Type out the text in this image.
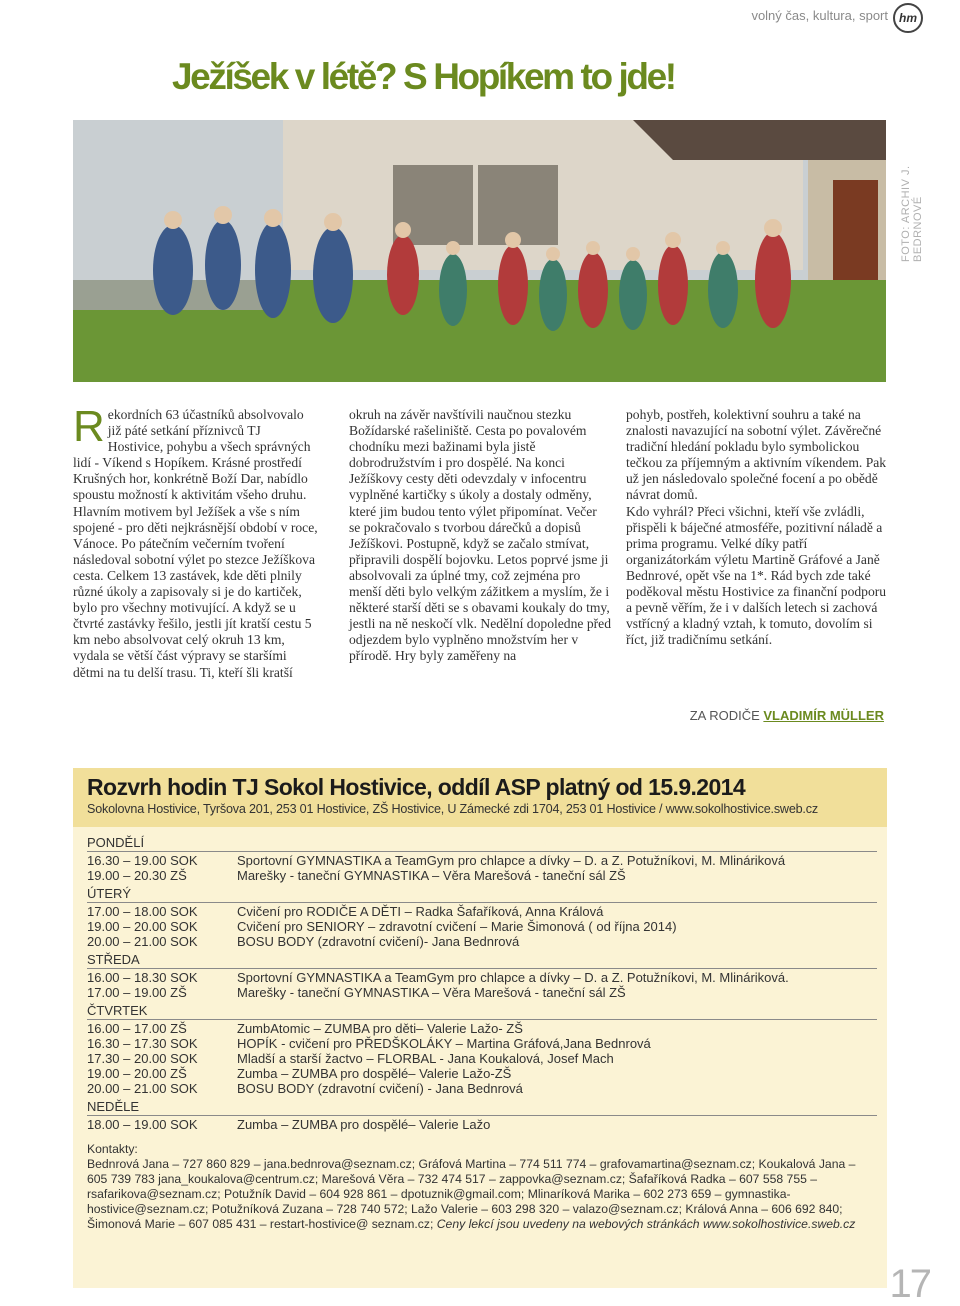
volný čas, kultura, sport hm
Ježíšek v létě? S Hopíkem to jde!
FOTO: ARCHIV J. BEDRNOVÉ
R ekordních 63 účastníků absolvovalo již páté setkání příznivců TJ Hostivice, pohybu a všech správných lidí - Víkend s Hopíkem. Krásné prostředí Krušných hor, konkrétně Boží Dar, nabídlo spoustu možností k aktivitám všeho druhu. Hlavním motivem byl Ježíšek a vše s ním spojené - pro děti nejkrásnější období v roce, Vánoce. Po pátečním večerním tvoření následoval sobotní výlet po stezce Ježíškova cesta. Celkem 13 zastávek, kde děti plnily různé úkoly a zapisovaly si je do kartiček, bylo pro všechny motivující. A když se u čtvrté zastávky řešilo, jestli jít kratší cestu 5 km nebo absolvovat celý okruh 13 km, vydala se větší část výpravy se staršími dětmi na tu delší trasu. Ti, kteří šli kratší

okruh na závěr navštívili naučnou stezku Božídarské rašeliniště. Cesta po povalovém chodníku mezi bažinami byla jistě dobrodružstvím i pro dospělé. Na konci Ježíškovy cesty děti odevzdaly v infocentru vyplněné kartičky s úkoly a dostaly odměny, které jim budou tento výlet připomínat. Večer se pokračovalo s tvorbou dárečků a dopisů Ježíškovi. Postupně, když se začalo stmívat, připravili dospělí bojovku. Letos poprvé jsme ji absolvovali za úplné tmy, což zejména pro menší děti bylo velkým zážitkem a myslím, že i některé starší děti se s obavami koukaly do tmy, jestli na ně neskočí vlk. Nedělní dopoledne před odjezdem bylo vyplněno množstvím her v přírodě. Hry byly zaměřeny na

pohyb, postřeh, kolektivní souhru a také na znalosti navazující na sobotní výlet. Závěrečné tradiční hledání pokladu bylo symbolickou tečkou za příjemným a aktivním víkendem. Pak už jen následovalo společné focení a po obědě návrat domů.

Kdo vyhrál? Přeci všichni, kteří vše zvládli, přispěli k báječné atmosféře, pozitivní náladě a prima programu. Velké díky patří organizátorkám výletu Martině Gráfové a Janě Bednrové, opět vše na 1*. Rád bych zde také poděkoval městu Hostivice za finanční podporu a pevně věřím, že i v dalších letech si zachová vstřícný a kladný vztah, k tomuto, dovolím si říct, již tradičnímu setkání.

ZA RODIČE VLADIMÍR MÜLLER
Rozvrh hodin TJ Sokol Hostivice, oddíl ASP platný od 15.9.2014
Sokolovna Hostivice, Tyršova 201, 253 01 Hostivice, ZŠ Hostivice, U Zámecké zdi 1704, 253 01 Hostivice / www.sokolhostivice.sweb.cz
PONDĚLÍ
16.30 – 19.00 SOK	Sportovní GYMNASTIKA a TeamGym pro chlapce a dívky – D. a Z. Potužníkovi, M. Mlináriková
19.00 – 20.30 ZŠ	Marešky - taneční GYMNASTIKA – Věra Marešová - taneční sál ZŠ
ÚTERÝ
17.00 – 18.00 SOK	Cvičení pro RODIČE A DĚTI – Radka Šafaříková, Anna Králová
19.00 – 20.00 SOK	Cvičení pro SENIORY – zdravotní cvičení – Marie Šimonová ( od října 2014)
20.00 – 21.00 SOK	BOSU BODY (zdravotní cvičení)- Jana Bednrová
STŘEDA
16.00 – 18.30 SOK	Sportovní GYMNASTIKA a TeamGym pro chlapce a dívky – D. a Z. Potužníkovi, M. Mlináriková.
17.00 – 19.00 ZŠ	Marešky - taneční GYMNASTIKA – Věra Marešová - taneční sál ZŠ
ČTVRTEK
16.00 – 17.00 ZŠ	ZumbAtomic – ZUMBA pro děti– Valerie Lažo- ZŠ
16.30 – 17.30 SOK	HOPÍK - cvičení pro PŘEDŠKOLÁKY – Martina Gráfová,Jana Bednrová
17.30 – 20.00 SOK	Mladší a starší žactvo – FLORBAL - Jana Koukalová, Josef Mach
19.00 – 20.00 ZŠ	Zumba – ZUMBA pro dospělé– Valerie Lažo-ZŠ
20.00 – 21.00 SOK	BOSU BODY (zdravotní cvičení) - Jana Bednrová
NEDĚLE
18.00 – 19.00 SOK	Zumba – ZUMBA pro dospělé– Valerie Lažo
Kontakty:
Bednrová Jana – 727 860 829 – jana.bednrova@seznam.cz; Gráfová Martina – 774 511 774 – grafovamartina@seznam.cz; Koukalová Jana – 605 739 783 jana_koukalova@centrum.cz; Marešová Věra – 732 474 517 – zappovka@seznam.cz; Šafaříková Radka – 607 558 755 – rsafarikova@seznam.cz; Potužník David – 604 928 861 – dpotuznik@gmail.com; Mlinaríková Marika – 602 273 659 – gymnastika-hostivice@seznam.cz; Potužníková Zuzana – 728 740 572; Lažo Valerie – 603 298 320 – valazo@seznam.cz; Králová Anna – 606 692 840; Šimonová Marie – 607 085 431 – restart-hostivice@ seznam.cz; Ceny lekcí jsou uvedeny na webových stránkách www.sokolhostivice.sweb.cz
17
